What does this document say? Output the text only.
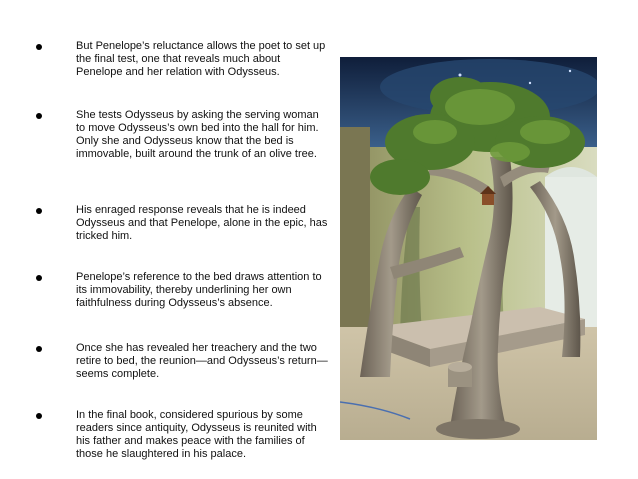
But Penelope’s reluctance allows the poet to set up the final test, one that reveals much about Penelope and her relation with Odysseus.
She tests Odysseus by asking the serving woman to move Odysseus’s own bed into the hall for him. Only she and Odysseus know that the bed is immovable, built around the trunk of an olive tree.
His enraged response reveals that he is indeed Odysseus and that Penelope, alone in the epic, has tricked him.
Penelope’s reference to the bed draws attention to its immovability, thereby underlining her own faithfulness during Odysseus’s absence.
Once she has revealed her treachery and the two retire to bed, the reunion—and Odysseus’s return—seems complete.
In the final book, considered spurious by some readers since antiquity, Odysseus is reunited with his father and makes peace with the families of those he slaughtered in his palace.
